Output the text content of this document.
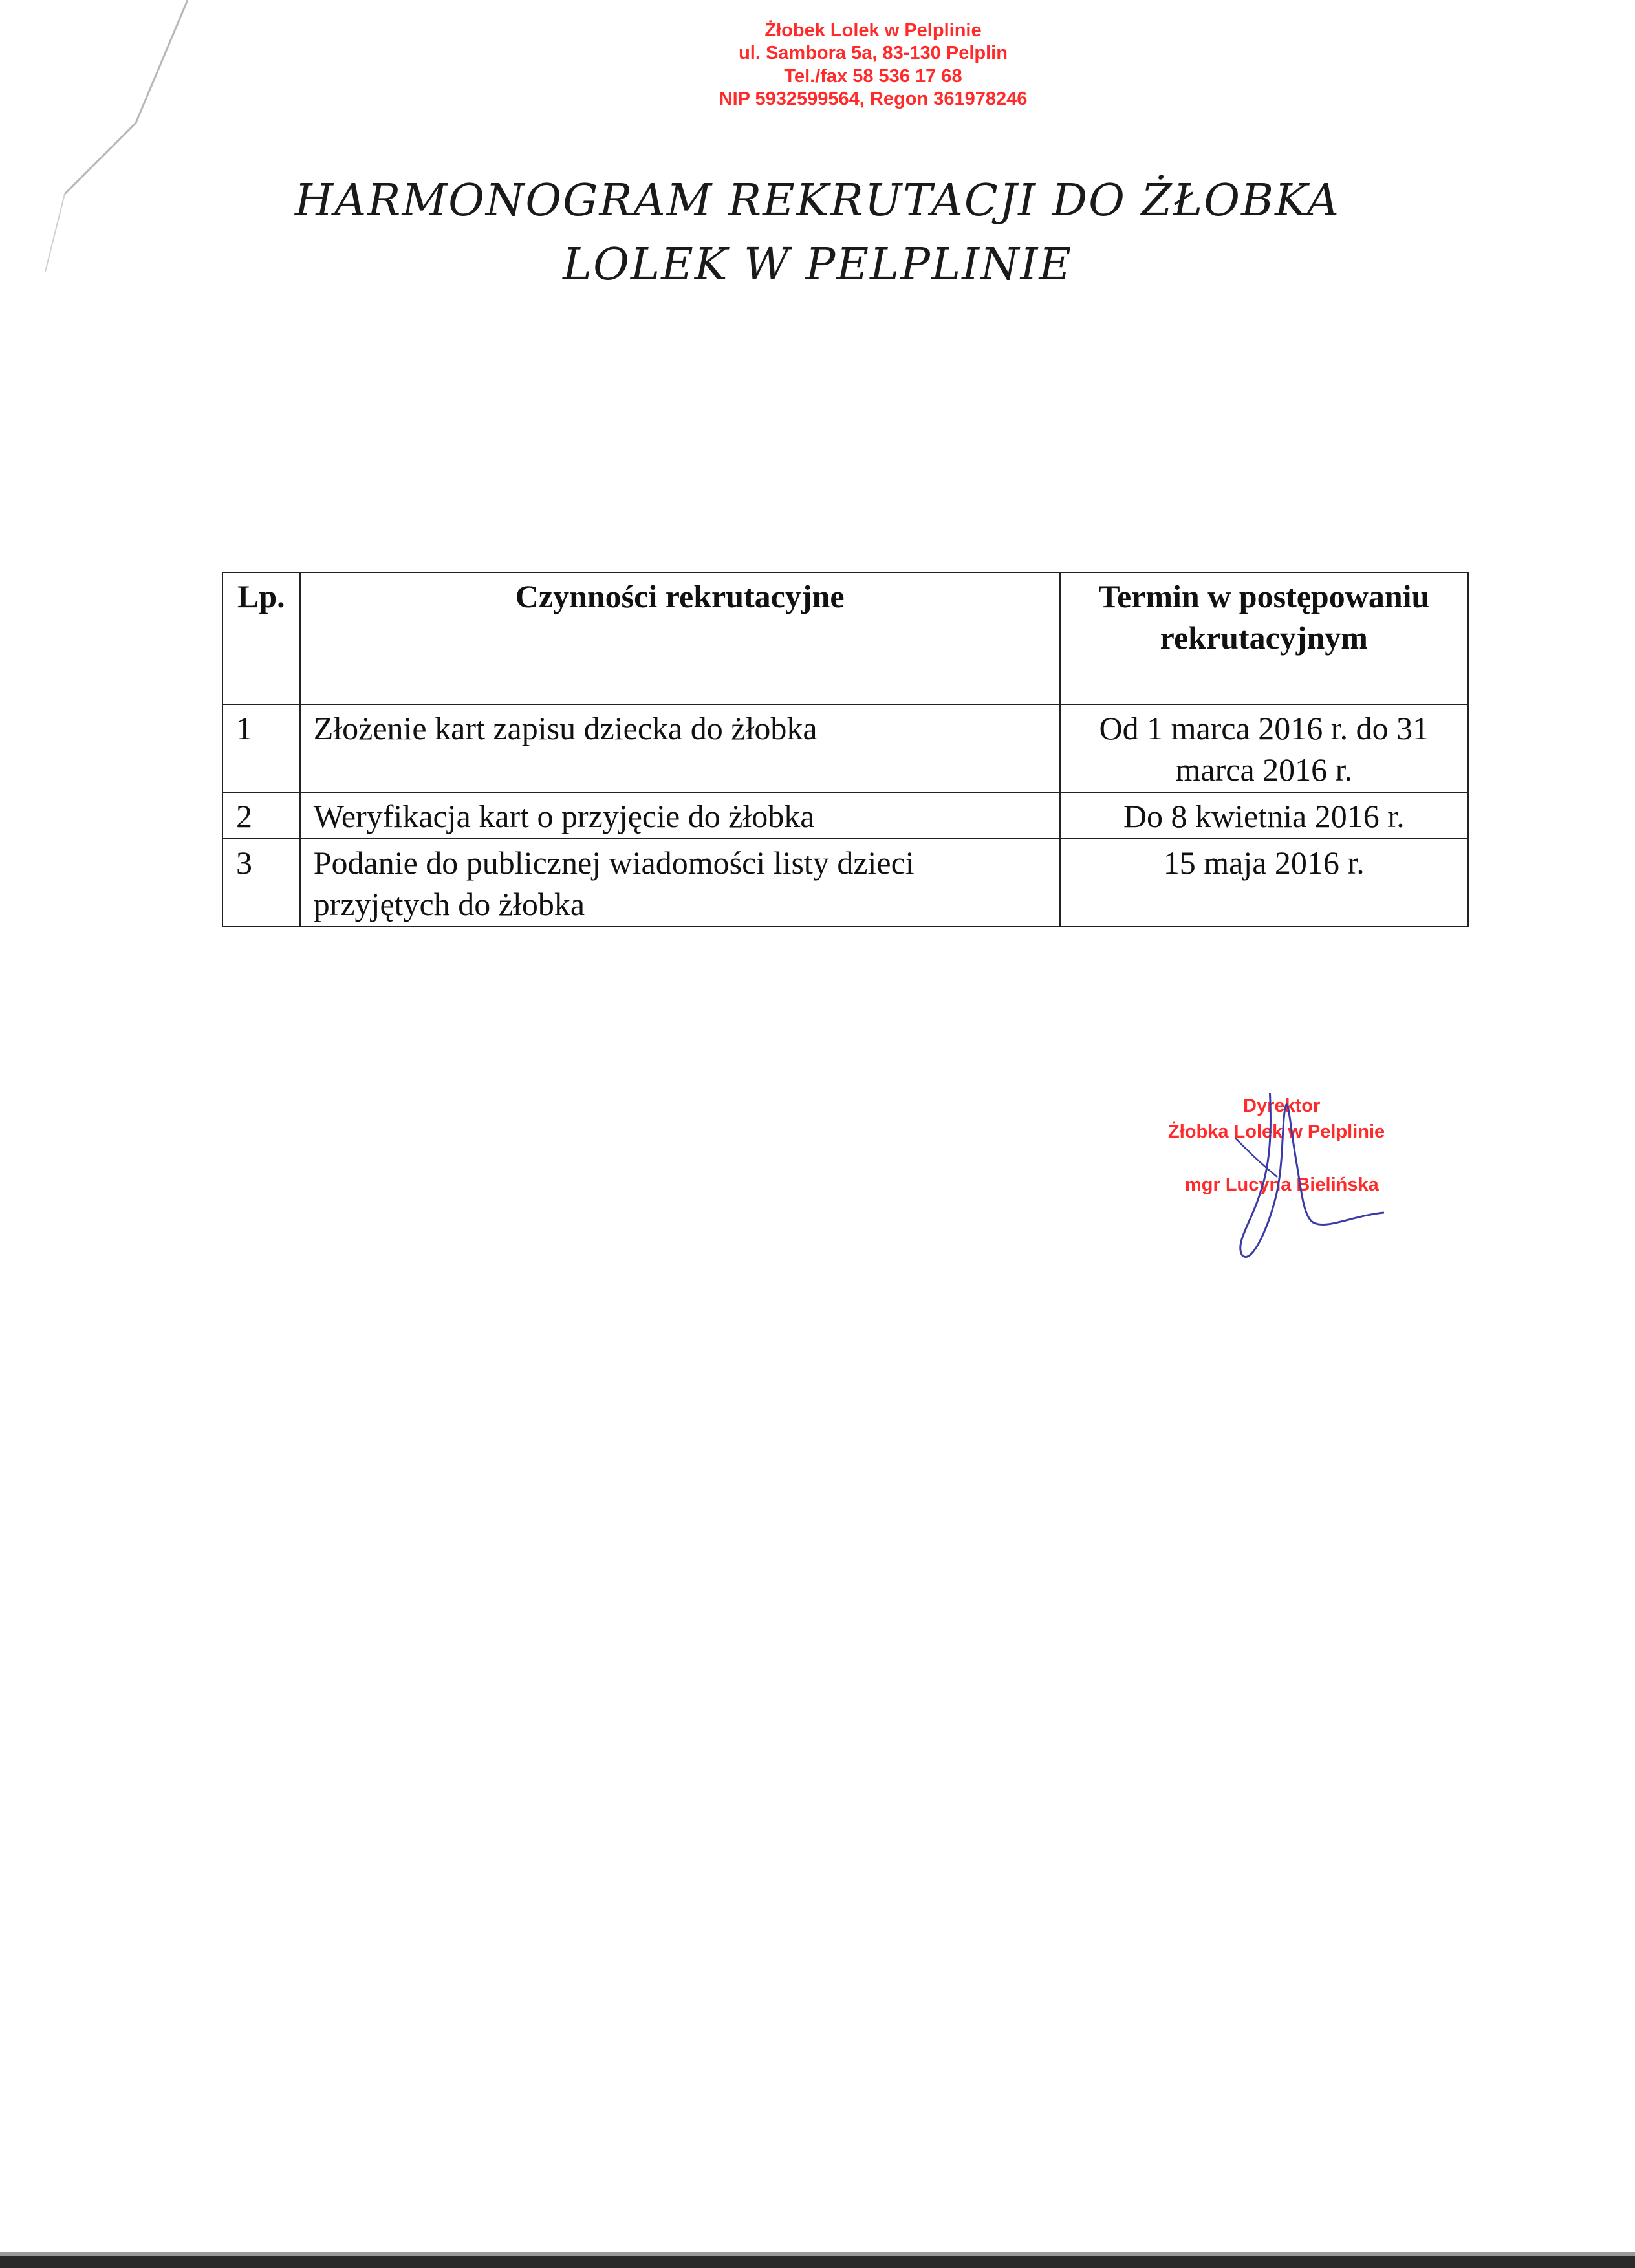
Żłobek Lolek w Pelplinie
ul. Sambora 5a, 83-130 Pelplin
Tel./fax 58 536 17 68
NIP 5932599564, Regon 361978246
HARMONOGRAM REKRUTACJI DO ŻŁOBKA
LOLEK W PELPLINIE
Lp.	Czynności rekrutacyjne	Termin w postępowaniu rekrutacyjnym
1	Złożenie kart zapisu dziecka do żłobka	Od 1 marca 2016 r. do 31 marca 2016 r.
2	Weryfikacja kart o przyjęcie do żłobka	Do 8 kwietnia 2016 r.
3	Podanie do publicznej wiadomości listy dzieci przyjętych do żłobka	15 maja 2016 r.
Dyrektor
Żłobka Lolek w Pelplinie
mgr Lucyna Bielińska
